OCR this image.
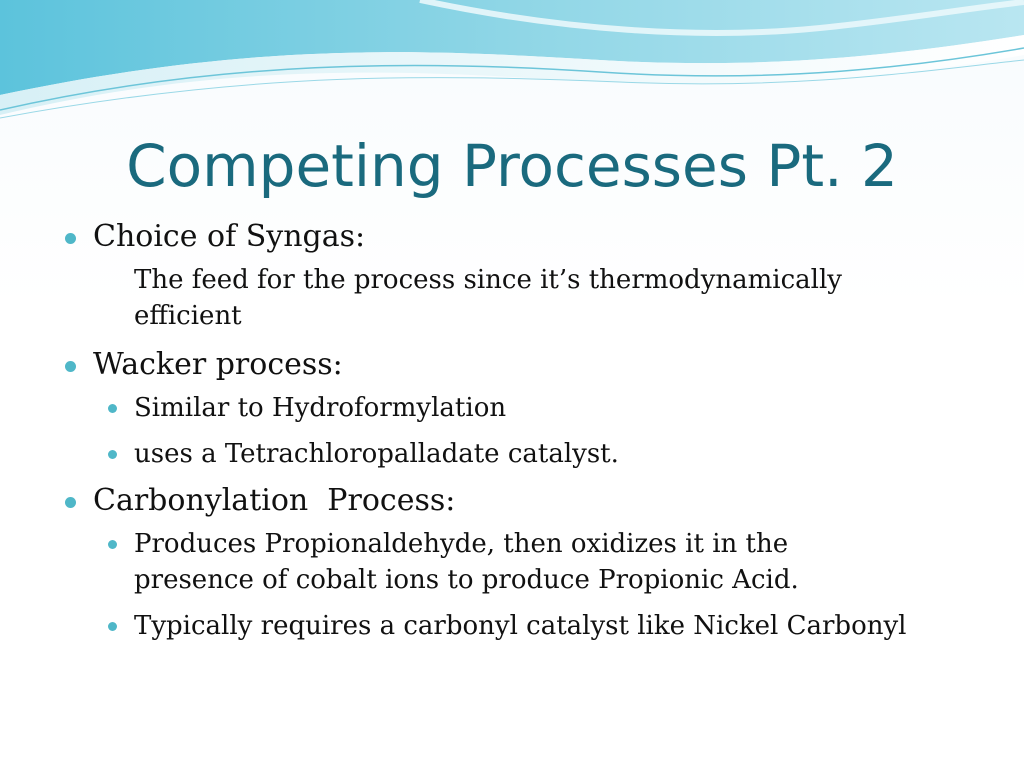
Competing Processes Pt. 2
Choice of Syngas:
The feed for the process since it’s thermodynamically efficient
Wacker process:
Similar to Hydroformylation
uses a Tetrachloropalladate catalyst.
Carbonylation  Process:
Produces Propionaldehyde, then oxidizes it in the presence of cobalt ions to produce Propionic Acid.
Typically requires a carbonyl catalyst like Nickel Carbonyl
